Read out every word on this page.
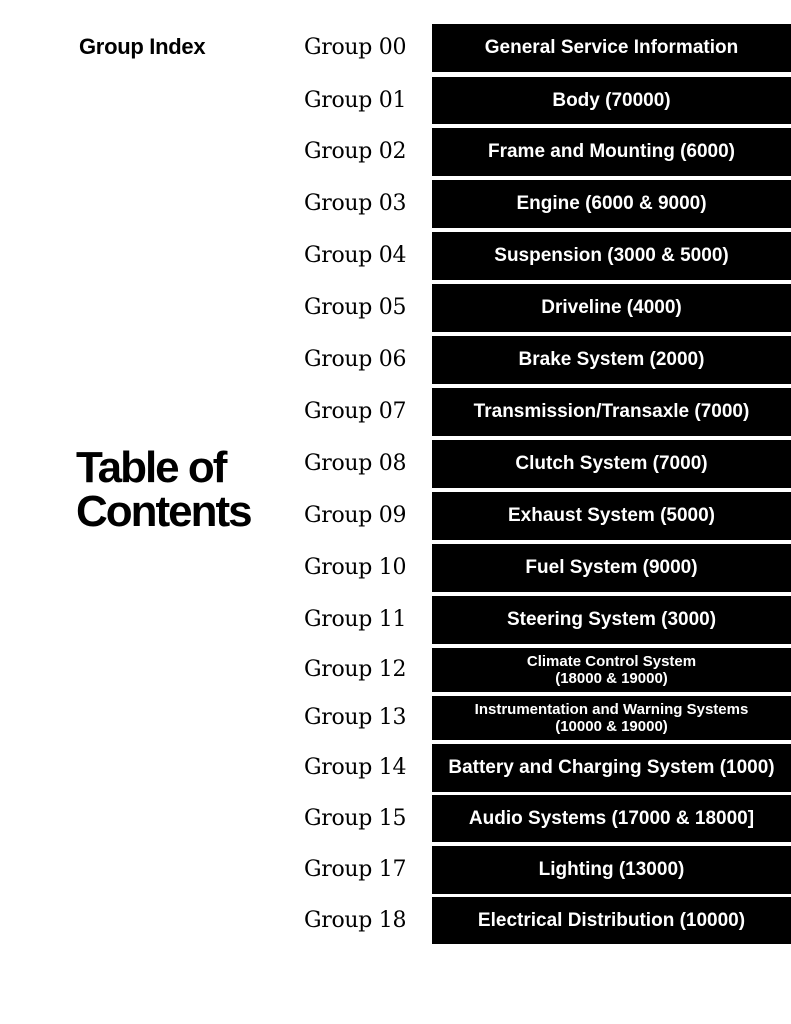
Group Index
Table of
Contents
Group 00	General Service Information
Group 01	Body (70000)
Group 02	Frame and Mounting (6000)
Group 03	Engine (6000 & 9000)
Group 04	Suspension (3000 & 5000)
Group 05	Driveline (4000)
Group 06	Brake System (2000)
Group 07	Transmission/Transaxle (7000)
Group 08	Clutch System (7000)
Group 09	Exhaust System (5000)
Group 10	Fuel System (9000)
Group 11	Steering System (3000)
Group 12	Climate Control System
(18000 & 19000)
Group 13	Instrumentation and Warning Systems
(10000 & 19000)
Group 14	Battery and Charging System (1000)
Group 15	Audio Systems (17000 & 18000]
Group 17	Lighting (13000)
Group 18	Electrical Distribution (10000)
